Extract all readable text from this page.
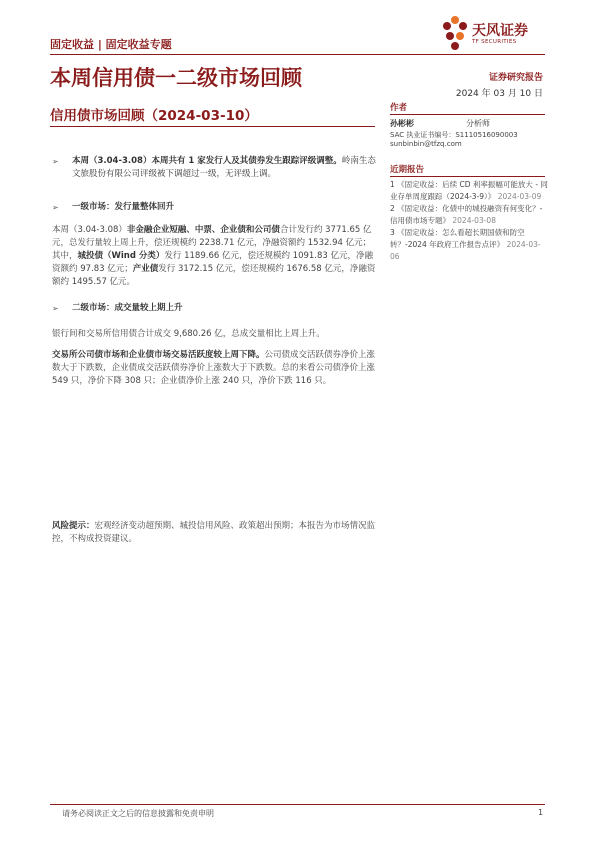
固定收益 | 固定收益专题
天风证券
TF SECURITIES
本周信用债一二级市场回顾	证券研究报告
2024 年 03 月 10 日
信用债市场回顾（2024-03-10）	作者
孙彬彬	分析师
SAC 执业证书编号：S1110516090003
sunbinbin@tfzq.com
近期报告
1 《固定收益：后续 CD 利率振幅可能放大 - 同业存单周度跟踪（2024-3-9）》 2024-03-09
2 《固定收益：化债中的城投融资有何变化？-信用债市场专题》 2024-03-08
3 《固定收益：怎么看超长期国债和防空转？-2024 年政府工作报告点评》 2024-03-06
➢ 本周（3.04-3.08）本周共有 1 家发行人及其债券发生跟踪评级调整。岭南生态文旅股份有限公司评级被下调超过一级，无评级上调。
➢ 一级市场：发行量整体回升
本周（3.04-3.08）非金融企业短融、中票、企业债和公司债合计发行约 3771.65 亿元，总发行量较上周上升，偿还规模约 2238.71 亿元，净融资额约 1532.94 亿元；其中，城投债（Wind 分类）发行 1189.66 亿元，偿还规模约 1091.83 亿元，净融资额约 97.83 亿元；产业债发行 3172.15 亿元，偿还规模约 1676.58 亿元，净融资额约 1495.57 亿元。
➢ 二级市场：成交量较上期上升
银行间和交易所信用债合计成交 9,680.26 亿，总成交量相比上周上升。
交易所公司债市场和企业债市场交易活跃度较上周下降。公司债成交活跃债券净价上涨数大于下跌数，企业债成交活跃债券净价上涨数大于下跌数。总的来看公司债净价上涨 549 只，净价下降 308 只；企业债净价上涨 240 只，净价下跌 116 只。
风险提示：宏观经济变动超预期、城投信用风险、政策超出预期；本报告为市场情况监控，不构成投资建议。
请务必阅读正文之后的信息披露和免责申明	1
